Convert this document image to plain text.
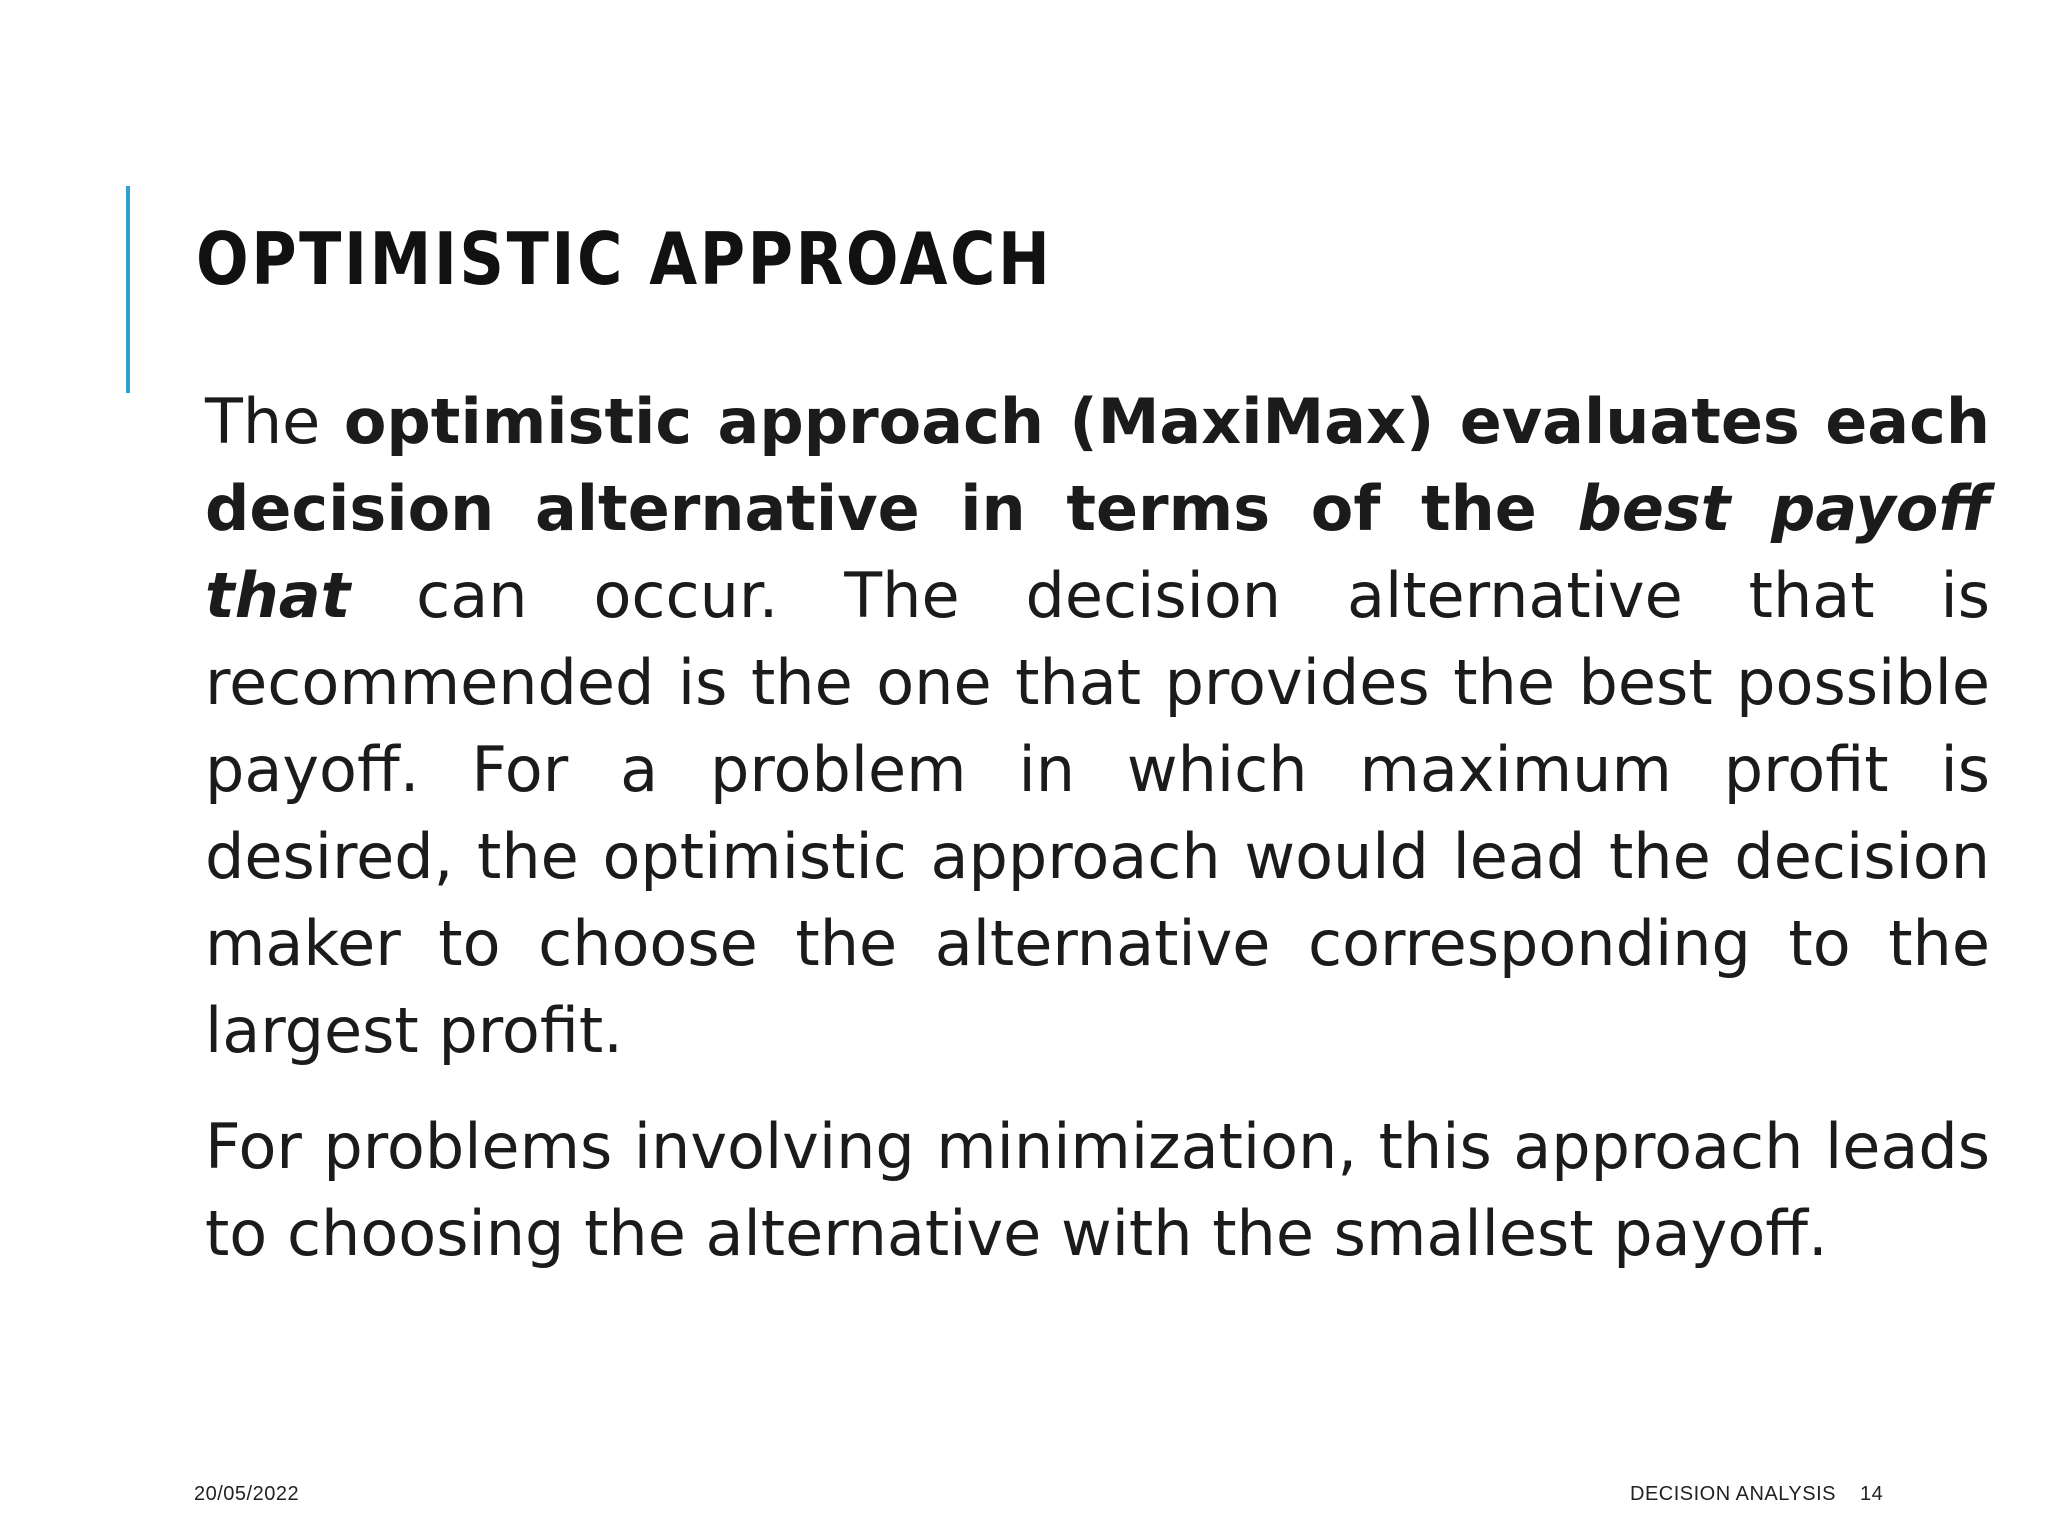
OPTIMISTIC APPROACH

The optimistic approach (MaxiMax) evaluates each decision alternative in terms of the best payoff that can occur. The decision alternative that is recommended is the one that provides the best possible payoff. For a problem in which maximum profit is desired, the optimistic approach would lead the decision maker to choose the alternative corresponding to the largest profit.

For problems involving minimization, this approach leads to choosing the alternative with the smallest payoff.

20/05/2022	DECISION ANALYSIS 14
